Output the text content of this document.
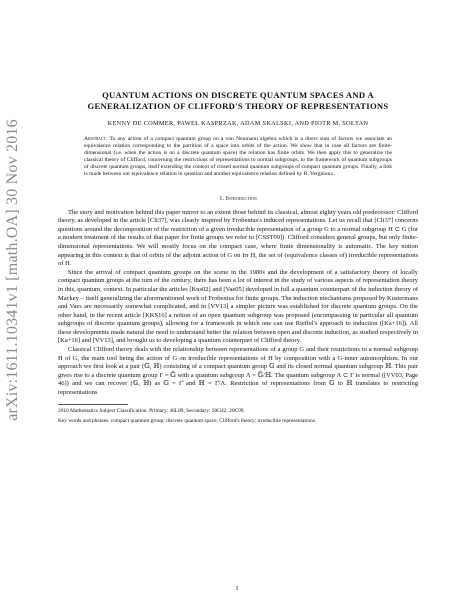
arXiv:1611.10341v1 [math.OA] 30 Nov 2016
QUANTUM ACTIONS ON DISCRETE QUANTUM SPACES AND A
GENERALIZATION OF CLIFFORD'S THEORY OF REPRESENTATIONS
KENNY DE COMMER, PAWEŁ KASPRZAK, ADAM SKALSKI, AND PIOTR M. SOŁTAN
Abstract. To any action of a compact quantum group on a von Neumann algebra which is a direct sum of factors we associate an equivalence relation corresponding to the partition of a space into orbits of the action. We show that in case all factors are finite-dimensional (i.e. when the action is on a discrete quantum space) the relation has finite orbits. We then apply this to generalize the classical theory of Clifford, concerning the restrictions of representations to normal subgroups, to the framework of quantum subgroups of discrete quantum groups, itself extending the context of closed normal quantum subgroups of compact quantum groups. Finally, a link is made between our equivalence relation in question and another equivalence relation defined by R. Vergnioux.
1. Introduction

The story and motivation behind this paper mirror to an extent those behind its classical, almost eighty years old predecessor: Clifford theory, as developed in the article [Cli37], was clearly inspired by Frobenius's induced representations. Let us recall that [Cli37] concerns questions around the decomposition of the restriction of a given irreducible representation of a group G to a normal subgroup H ⊂ G (for a modern treatment of the results of that paper for finite groups we refer to [CSST09]). Clifford considers general groups, but only finite-dimensional representations. We will mostly focus on the compact case, where finite dimensionality is automatic. The key notion appearing in this context is that of orbits of the adjoint action of G on Irr H, the set of (equivalence classes of) irreducible representations of H.

Since the arrival of compact quantum groups on the scene in the 1980s and the development of a satisfactory theory of locally compact quantum groups at the turn of the century, there has been a lot of interest in the study of various aspects of representation theory in this, quantum, context. In particular the articles [Kus02] and [Vae05] developed in full a quantum counterpart of the induction theory of Mackey – itself generalizing the aforementioned work of Frobenius for finite groups. The induction mechanisms proposed by Kustermans and Vaes are necessarily somewhat complicated, and in [VV13] a simpler picture was established for discrete quantum groups. On the other hand, in the recent article [KKS16] a notion of an open quantum subgroup was proposed (encompassing in particular all quantum subgroups of discrete quantum groups), allowing for a framework in which one can use Rieffel's approach to induction ([Ka+16]). All these developments made natural the need to understand better the relation between open and discrete induction, as studied respectively in [Ka+16] and [VV13], and brought us to developing a quantum counterpart of Clifford theory.

Classical Clifford theory deals with the relationship between representations of a group G and their restrictions to a normal subgroup H of G, the main tool being the action of G on irreducible representations of H by composition with a G-inner automorphism. In our approach we first look at a pair (𝔾, ℍ) consisting of a compact quantum group 𝔾 and its closed normal quantum subgroup ℍ. This pair gives rise to a discrete quantum group Γ = 𝔾̂ with a quantum subgroup Λ = 𝔾̂/ℍ. The quantum subgroup Λ ⊂ Γ is normal ([VV03, Page 46]) and we can recover (𝔾, ℍ) as 𝔾 = Γ̂ and ℍ = Γ̂/Λ. Restriction of representations from 𝔾 to ℍ translates to restricting representations

2010 Mathematics Subject Classification. Primary: 46L89, Secondary: 20G42, 20C99.
Key words and phrases. compact quantum group; discrete quantum space; Clifford's theory; irreducible representations.
1
